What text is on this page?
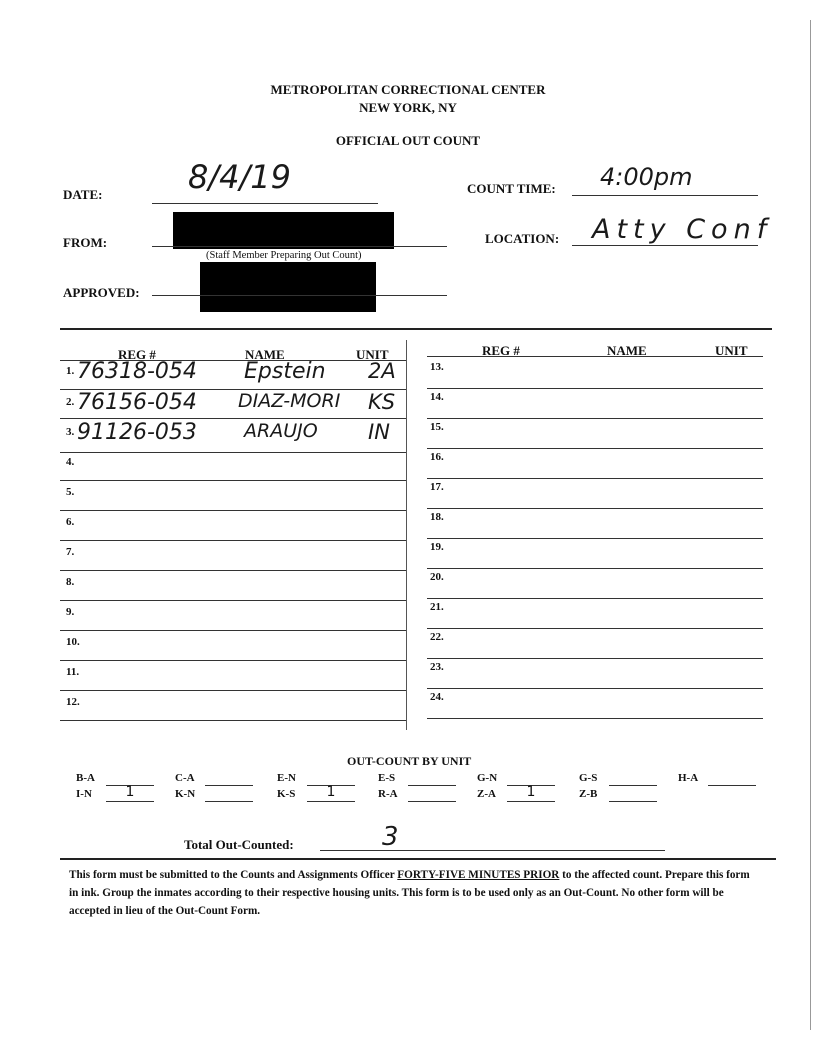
METROPOLITAN CORRECTIONAL CENTER
NEW YORK, NY
OFFICIAL OUT COUNT
DATE:	8/4/19	COUNT TIME: 4:00pm
FROM:
(Staff Member Preparing Out Count)
LOCATION: Atty Conf
APPROVED:
REG #	NAME	UNIT	REG #	NAME	UNIT
1. 76318-054 Epstein 2A
2. 76156-054 DIAZ-MORI KS
3. 91126-053 ARAUJO IN
4.
5.
6.
7.
8.
9.
10.
11.
12.
13.
14.
15.
16.
17.
18.
19.
20.
21.
22.
23.
24.
OUT-COUNT BY UNIT
B-A	C-A	E-N	E-S	G-N	G-S	H-A
I-N	1	K-N	K-S	1	R-A	Z-A	1	Z-B
Total Out-Counted:	3
This form must be submitted to the Counts and Assignments Officer FORTY-FIVE MINUTES PRIOR to the affected count. Prepare this form in ink. Group the inmates according to their respective housing units. This form is to be used only as an Out-Count. No other form will be accepted in lieu of the Out-Count Form.
